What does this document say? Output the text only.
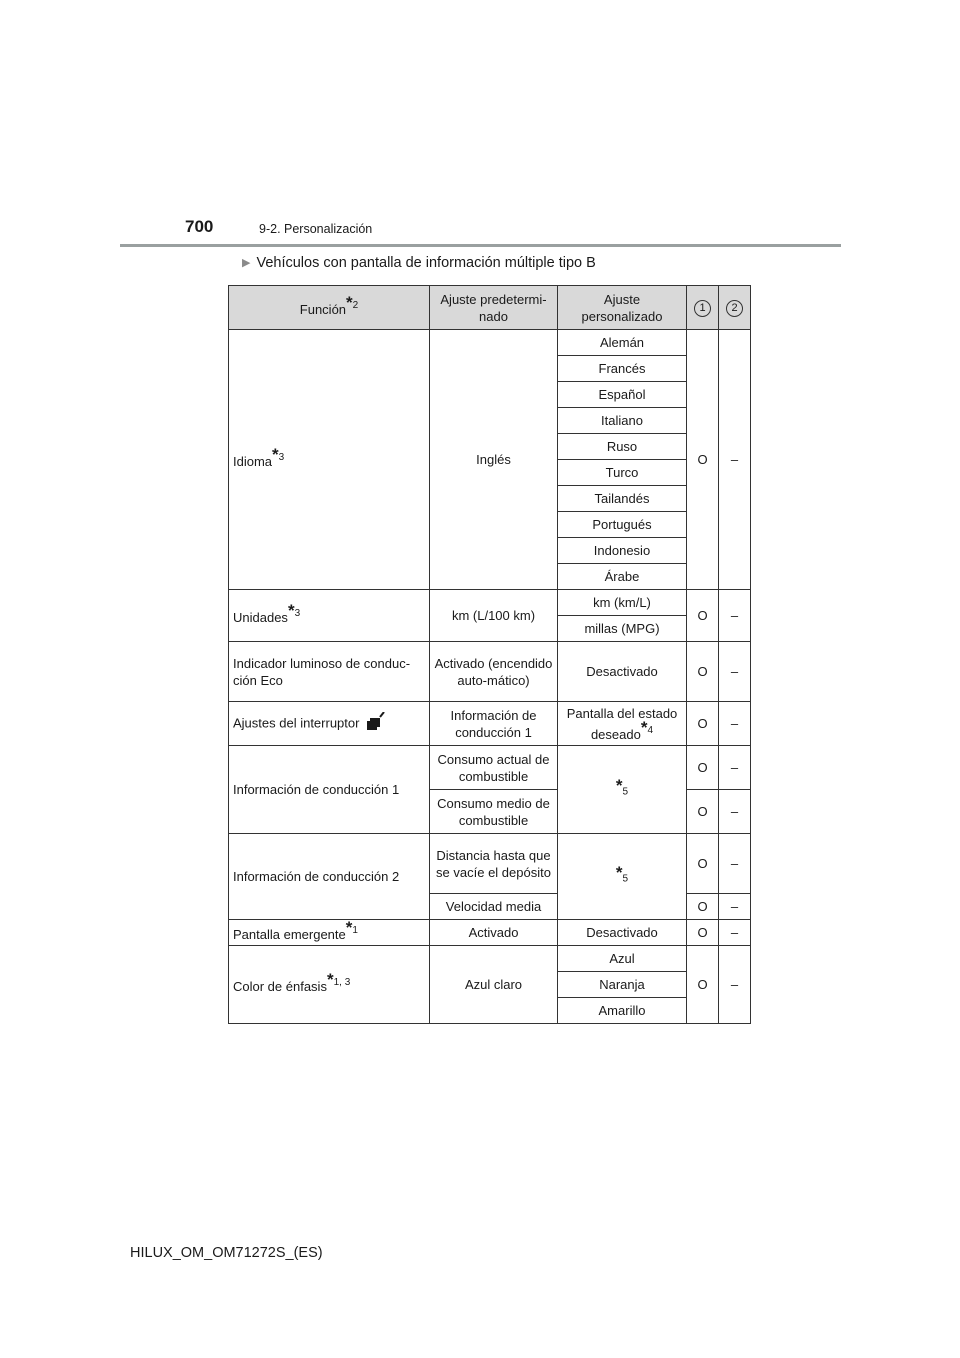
700	9-2. Personalización
▶ Vehículos con pantalla de información múltiple tipo B
Función$^{*2}$	Ajuste predetermi-nado	Ajuste personalizado	1	2
Idioma$^{*3}$	Inglés	Alemán	O	–
		Francés		
		Español		
		Italiano		
		Ruso		
		Turco		
		Tailandés		
		Portugués		
		Indonesio		
		Árabe		
Unidades$^{*3}$	km (L/100 km)	km (km/L)	O	–
		millas (MPG)		
Indicador luminoso de conduc-ción Eco	Activado (encendido auto-mático)	Desactivado	O	–
Ajustes del interruptor	Información de conducción 1	Pantalla del estado deseado$^{*4}$	O	–
Información de conducción 1	Consumo actual de combustible	$*_5$	O	–
	Consumo medio de combustible		O	–
Información de conducción 2	Distancia hasta que se vacíe el depósito	$*_5$	O	–
	Velocidad media		O	–
Pantalla emergente$^{*1}$	Activado	Desactivado	O	–
Color de énfasis$^{*1, 3}$	Azul claro	Azul	O	–
		Naranja		
		Amarillo		
HILUX_OM_OM71272S_(ES)
